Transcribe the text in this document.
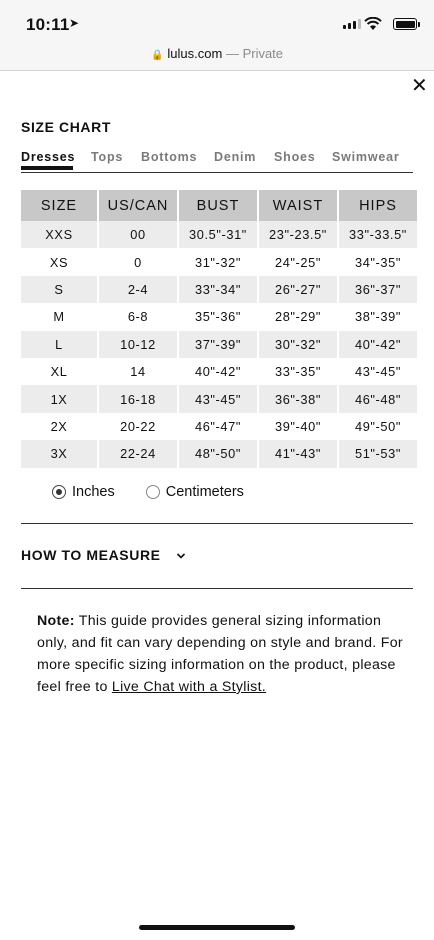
10:11 ➤
🔒 lulus.com — Private
✕
SIZE CHART
Dresses Tops Bottoms Denim Shoes Swimwear
SIZE	US/CAN	BUST	WAIST	HIPS
XXS	00	30.5"-31"	23"-23.5"	33"-33.5"
XS	0	31"-32"	24"-25"	34"-35"
S	2-4	33"-34"	26"-27"	36"-37"
M	6-8	35"-36"	28"-29"	38"-39"
L	10-12	37"-39"	30"-32"	40"-42"
XL	14	40"-42"	33"-35"	43"-45"
1X	16-18	43"-45"	36"-38"	46"-48"
2X	20-22	46"-47"	39"-40"	49"-50"
3X	22-24	48"-50"	41"-43"	51"-53"
Inches	Centimeters
HOW TO MEASURE
Note: This guide provides general sizing information only, and fit can vary depending on style and brand. For more specific sizing information on the product, please feel free to Live Chat with a Stylist.
